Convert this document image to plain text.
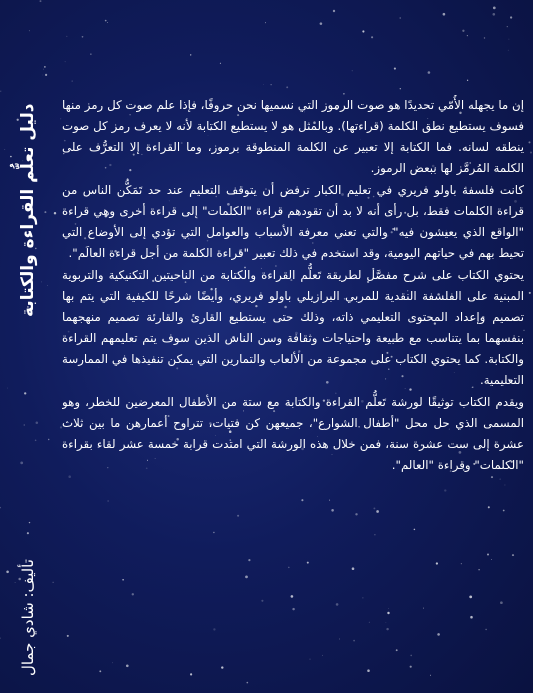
دليل تعلُّم القراءة والكتابة
تأليف: شادي جمال

إن ما يجهله الأُمّي تحديدًا هو صوت الرموز التي نسميها نحن حروفًا، فإذا علم صوت كل رمز منها فسوف يستطيع نطق الكلمة (قراءتها). وبالمثل هو لا يستطيع الكتابة لأنه لا يعرف رمز كل صوت ينطقه لسانه. فما الكتابة إلا تعبير عن الكلمة المنطوقة برموز، وما القراءة إلا التعرُّف على الكلمة المُرمَّز لها ببعض الرموز.

كانت فلسفة باولو فريري في تعليم الكبار ترفض أن يتوقف التعليم عند حد تَمَكُّن الناس من قراءة الكلمات فقط، بل رأى أنه لا بد أن تقودهم قراءة "الكلمات" إلى قراءة أخرى وهي قراءة "الواقع الذي يعيشون فيه" والتي تعني معرفة الأسباب والعوامل التي تؤدي إلى الأوضاع التي تحيط بهم في حياتهم اليومية، وقد استخدم في ذلك تعبير "قراءة الكلمة من أجل قراءة العالَم".

يحتوي الكتاب على شرح مفصَّل لطريقة تَعلُّم القراءة والكتابة من الناحيتين التكنيكية والتربوية المبنية على الفلسفة النقدية للمربي البرازيلي باولو فريري، وأيضًا شرحًا للكيفية التي يتم بها تصميم وإعداد المحتوى التعليمي ذاته، وذلك حتى يستطيع القارئ والقارئة تصميم منهجهما بنفسهما بما يتناسب مع طبيعة واحتياجات وثقافة وسن الناس الذين سوف يتم تعليمهم القراءة والكتابة. كما يحتوي الكتاب على مجموعة من الألعاب والتمارين التي يمكن تنفيذها في الممارسة التعليمية.

ويقدم الكتاب توثيقًا لورشة تَعلُّم القراءة والكتابة مع ستة من الأطفال المعرضين للخطر، وهو المسمى الذي حل محل "أطفال الشوارع"، جميعهن كن فتيات، تتراوح أعمارهن ما بين ثلاث عشرة إلى ست عشرة سنة، فمن خلال هذه الورشة التي امتدت قرابة خمسة عشر لقاء بقراءة "الكلمات" وقراءة "العالم".
